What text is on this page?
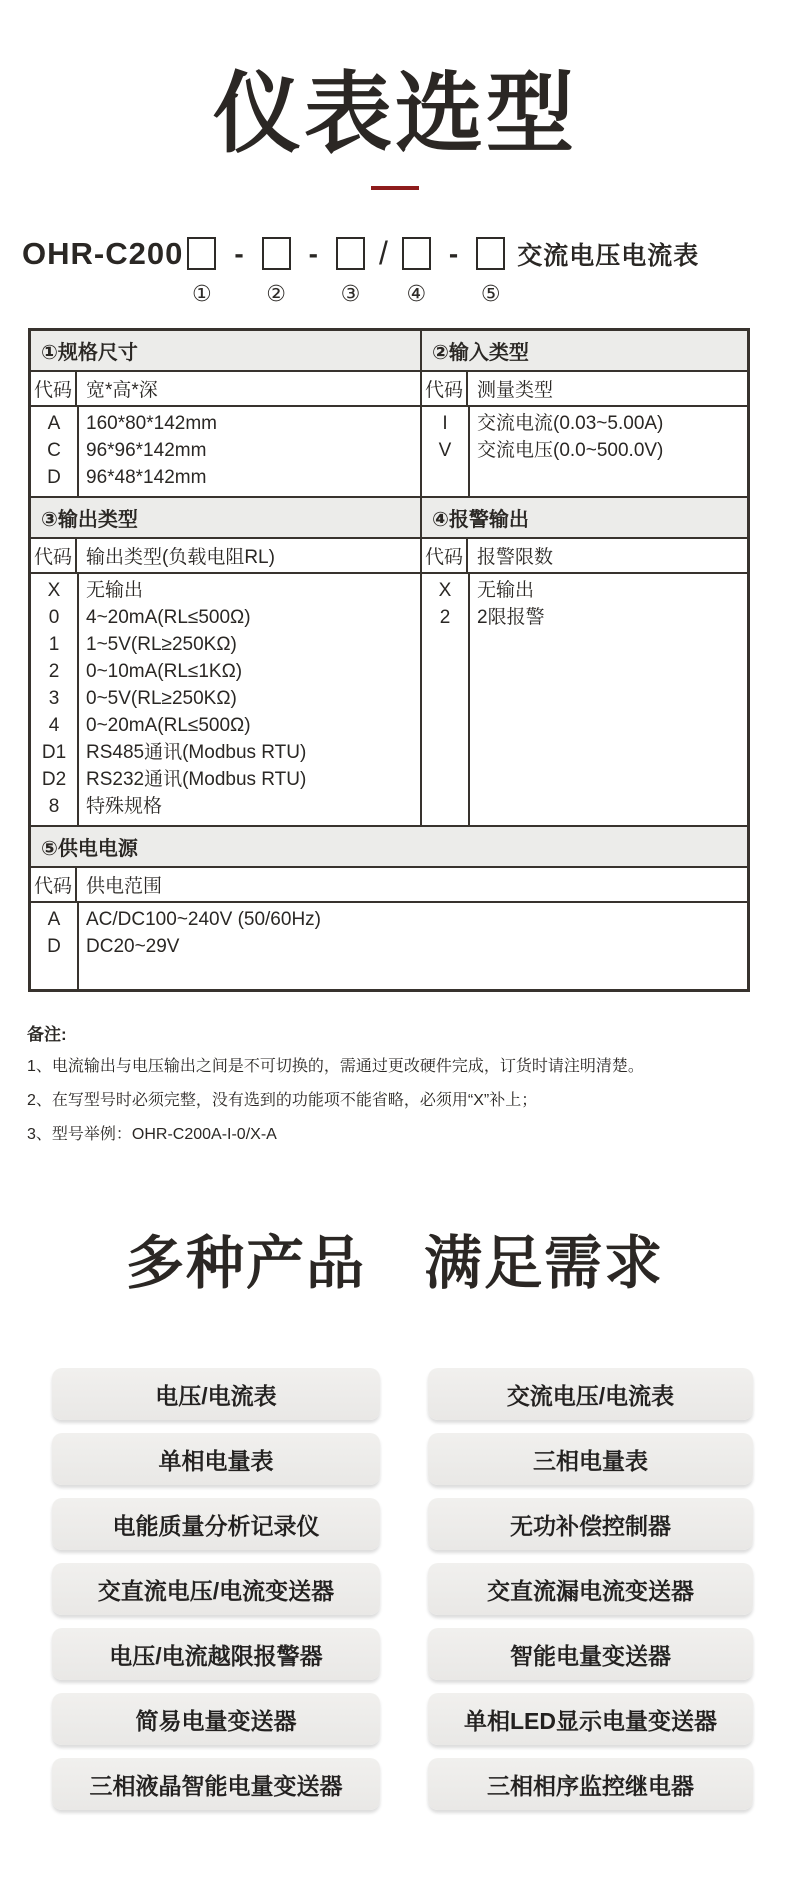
仪表选型
OHR-C200
①
-
②
-
③
/
④
-
⑤
交流电压电流表
①规格尺寸	②输入类型
代码 宽*高*深	代码 测量类型
A	160*80*142mm
C	96*96*142mm
D	96*48*142mm
I	交流电流(0.03~5.00A)
V	交流电压(0.0~500.0V)
③输出类型	④报警输出
代码 输出类型(负载电阻RL)	代码 报警限数
X	无输出
0	4~20mA(RL≤500Ω)
1	1~5V(RL≥250KΩ)
2	0~10mA(RL≤1KΩ)
3	0~5V(RL≥250KΩ)
4	0~20mA(RL≤500Ω)
D1	RS485通讯(Modbus RTU)
D2	RS232通讯(Modbus RTU)
8	特殊规格
X	无输出
2	2限报警
⑤供电电源
代码 供电范围
A	AC/DC100~240V (50/60Hz)
D	DC20~29V
备注:
1、电流输出与电压输出之间是不可切换的，需通过更改硬件完成，订货时请注明清楚。
2、在写型号时必须完整，没有选到的功能项不能省略，必须用“X”补上；
3、型号举例：OHR-C200A-I-0/X-A
多种产品 满足需求
电压/电流表	交流电压/电流表
单相电量表	三相电量表
电能质量分析记录仪	无功补偿控制器
交直流电压/电流变送器	交直流漏电流变送器
电压/电流越限报警器	智能电量变送器
简易电量变送器	单相LED显示电量变送器
三相液晶智能电量变送器	三相相序监控继电器
